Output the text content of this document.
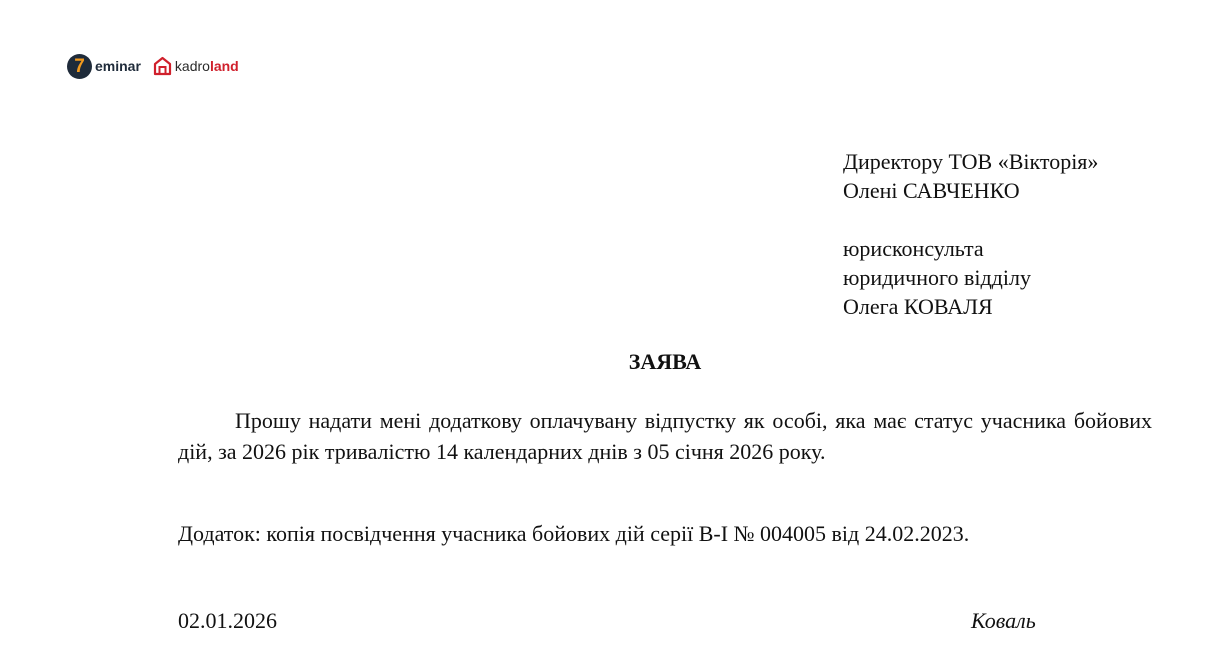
7 eminar kadroland
Директору ТОВ «Вікторія»
Олені САВЧЕНКО
юрисконсульта
юридичного відділу
Олега КОВАЛЯ
ЗАЯВА

Прошу надати мені додаткову оплачувану відпустку як особі, яка має статус учасника бойових дій, за 2026 рік тривалістю 14 календарних днів з 05 січня 2026 року.

Додаток: копія посвідчення учасника бойових дій серії В-І № 004005 від 24.02.2023.
02.01.2026	Коваль
